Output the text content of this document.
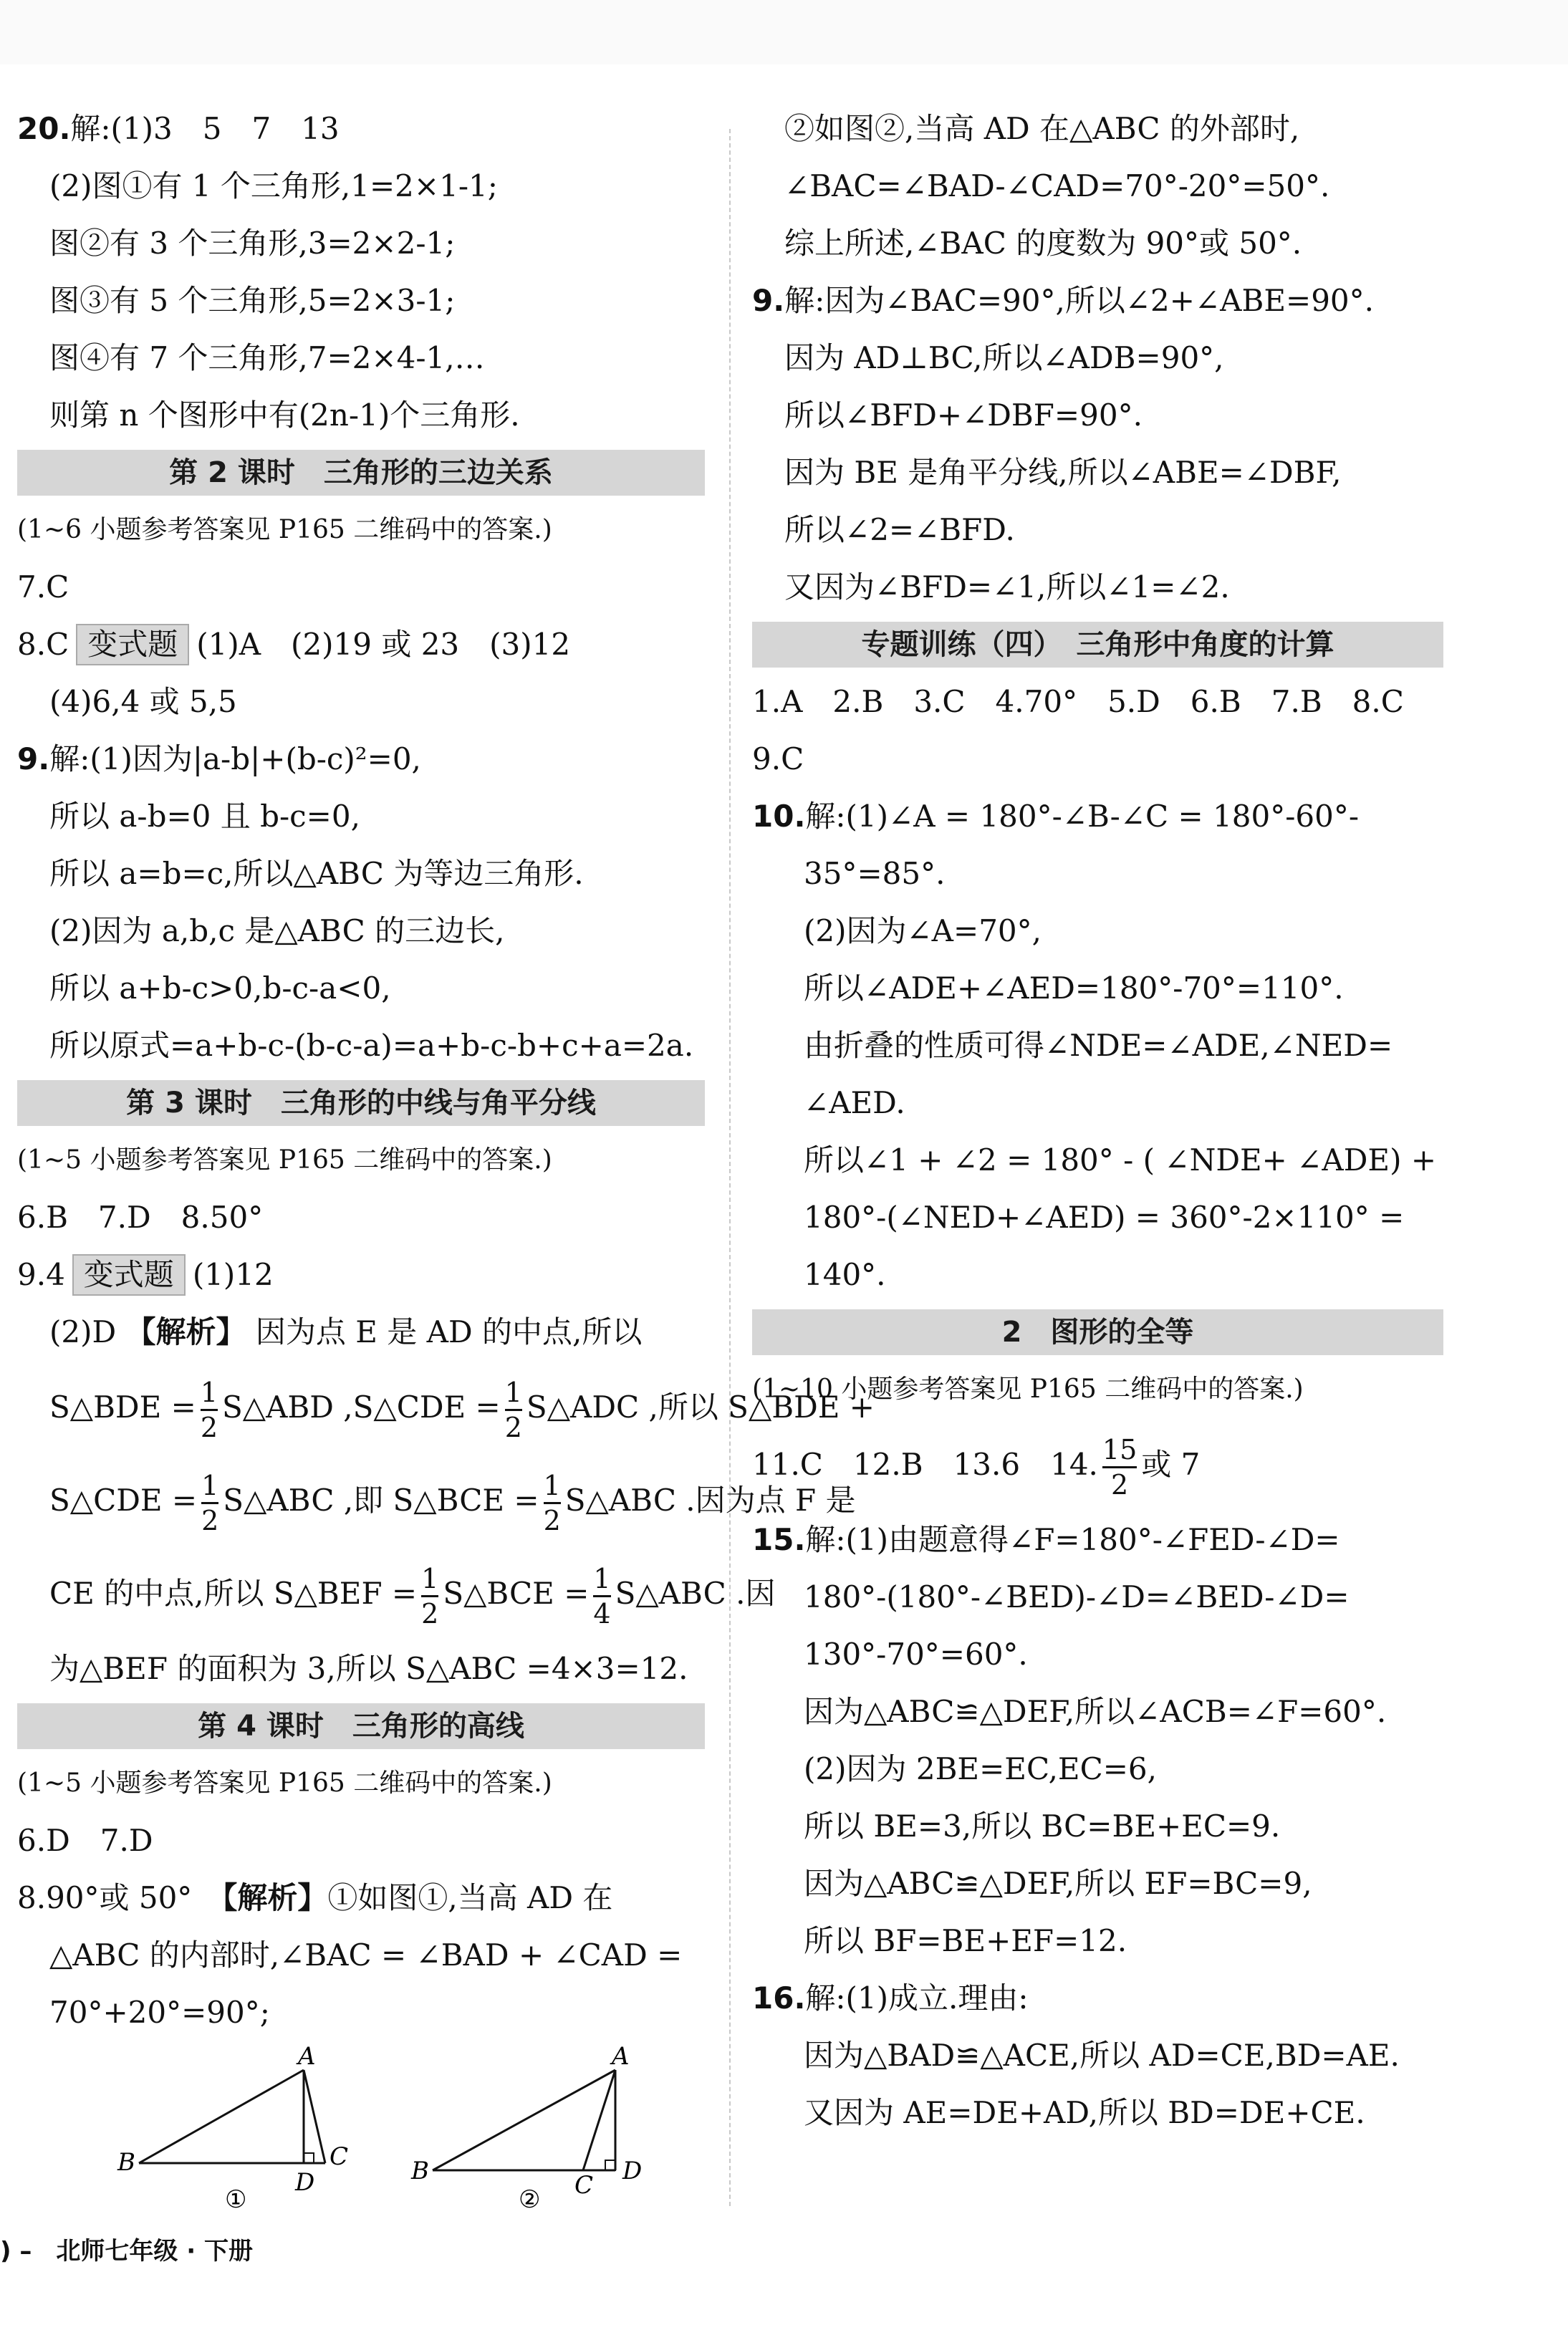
20.解:(1)3　5　7　13
(2)图①有 1 个三角形,1=2×1-1;
图②有 3 个三角形,3=2×2-1;
图③有 5 个三角形,5=2×3-1;
图④有 7 个三角形,7=2×4-1,…
则第 n 个图形中有(2n-1)个三角形.
第 2 课时　三角形的三边关系
(1~6 小题参考答案见 P165 二维码中的答案.)
7.C
8.C 变式题 (1)A　(2)19 或 23　(3)12
(4)6,4 或 5,5
9.解:(1)因为|a-b|+(b-c)²=0,
所以 a-b=0 且 b-c=0,
所以 a=b=c,所以△ABC 为等边三角形.
(2)因为 a,b,c 是△ABC 的三边长,
所以 a+b-c>0,b-c-a<0,
所以原式=a+b-c-(b-c-a)=a+b-c-b+c+a=2a.
第 3 课时　三角形的中线与角平分线
(1~5 小题参考答案见 P165 二维码中的答案.)
6.B　7.D　8.50°
9.4 变式题 (1)12
(2)D 【解析】 因为点 E 是 AD 的中点,所以
S△BDE = $\frac{1}{2}$ S△ABD ,S△CDE = $\frac{1}{2}$ S△ADC ,所以 S△BDE +
S△CDE = $\frac{1}{2}$ S△ABC ,即 S△BCE = $\frac{1}{2}$ S△ABC .因为点 F 是
CE 的中点,所以 S△BEF = $\frac{1}{2}$ S△BCE = $\frac{1}{4}$ S△ABC .因
为△BEF 的面积为 3,所以 S△ABC =4×3=12.
第 4 课时　三角形的高线
(1~5 小题参考答案见 P165 二维码中的答案.)
6.D　7.D
8.90°或 50°　 【解析】①如图①,当高 AD 在
△ABC 的内部时,∠BAC = ∠BAD + ∠CAD =
70°+20°=90°;
A
B	C
D
①
A
B	C D
②
②如图②,当高 AD 在△ABC 的外部时,
∠BAC=∠BAD-∠CAD=70°-20°=50°.
综上所述,∠BAC 的度数为 90°或 50°.
9.解:因为∠BAC=90°,所以∠2+∠ABE=90°.
因为 AD⊥BC,所以∠ADB=90°,
所以∠BFD+∠DBF=90°.
因为 BE 是角平分线,所以∠ABE=∠DBF,
所以∠2=∠BFD.
又因为∠BFD=∠1,所以∠1=∠2.
专题训练（四）　三角形中角度的计算
1.A　2.B　3.C　4.70°　5.D　6.B　7.B　8.C
9.C
10.解:(1)∠A = 180°-∠B-∠C = 180°-60°-
35°=85°.
(2)因为∠A=70°,
所以∠ADE+∠AED=180°-70°=110°.
由折叠的性质可得∠NDE=∠ADE,∠NED=
∠AED.
所以∠1 + ∠2 = 180° - ( ∠NDE+ ∠ADE) +
180°-(∠NED+∠AED) = 360°-2×110° =
140°.
2　图形的全等
(1~10 小题参考答案见 P165 二维码中的答案.)
11.C　12.B　13.6　14. $\frac{15}{2}$ 或 7
15.解:(1)由题意得∠F=180°-∠FED-∠D=
180°-(180°-∠BED)-∠D=∠BED-∠D=
130°-70°=60°.
因为△ABC≌△DEF,所以∠ACB=∠F=60°.
(2)因为 2BE=EC,EC=6,
所以 BE=3,所以 BC=BE+EC=9.
因为△ABC≌△DEF,所以 EF=BC=9,
所以 BF=BE+EF=12.
16.解:(1)成立.理由:
因为△BAD≌△ACE,所以 AD=CE,BD=AE.
又因为 AE=DE+AD,所以 BD=DE+CE.
) –　北师七年级 · 下册
